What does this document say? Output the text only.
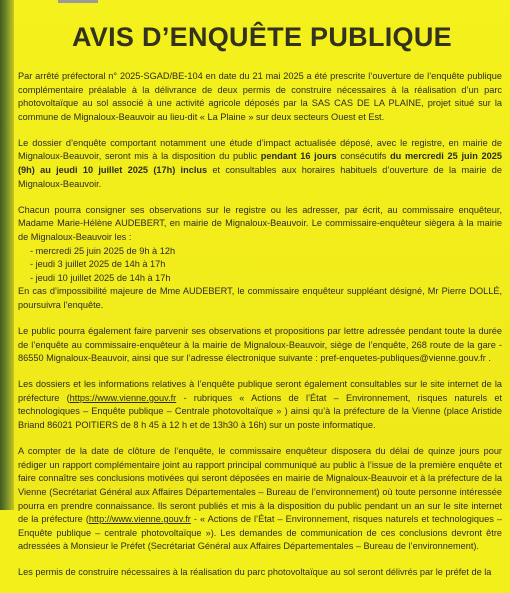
AVIS D’ENQUÊTE PUBLIQUE

Par arrêté préfectoral n° 2025-SGAD/BE-104 en date du 21 mai 2025 a été prescrite l’ouverture de l’enquête publique complémentaire préalable à la délivrance de deux permis de construire nécessaires à la réalisation d’un parc photovoltaïque au sol associé à une activité agricole déposés par la SAS CAS DE LA PLAINE, projet situé sur la commune de Mignaloux-Beauvoir au lieu-dit « La Plaine » sur deux secteurs Ouest et Est.

Le dossier d’enquête comportant notamment une étude d’impact actualisée déposé, avec le registre, en mairie de Mignaloux-Beauvoir, seront mis à la disposition du public pendant 16 jours consécutifs du mercredi 25 juin 2025 (9h) au jeudi 10 juillet 2025 (17h) inclus et consultables aux horaires habituels d’ouverture de la mairie de Mignaloux-Beauvoir.

Chacun pourra consigner ses observations sur le registre ou les adresser, par écrit, au commissaire enquêteur, Madame Marie-Hélène AUDEBERT, en mairie de Mignaloux-Beauvoir. Le commissaire-enquêteur siègera à la mairie de Mignaloux-Beauvoir les :

- mercredi 25 juin 2025 de 9h à 12h
- jeudi 3 juillet 2025 de 14h à 17h
- jeudi 10 juillet 2025 de 14h à 17h

En cas d’impossibilité majeure de Mme AUDEBERT, le commissaire enquêteur suppléant désigné, Mr Pierre DOLLÉ, poursuivra l’enquête.

Le public pourra également faire parvenir ses observations et propositions par lettre adressée pendant toute la durée de l’enquête au commissaire-enquêteur à la mairie de Mignaloux-Beauvoir, siège de l’enquête, 268 route de la gare - 86550 Mignaloux-Beauvoir, ainsi que sur l’adresse électronique suivante : pref-enquetes-publiques@vienne.gouv.fr .

Les dossiers et les informations relatives à l’enquête publique seront également consultables sur le site internet de la préfecture (https://www.vienne.gouv.fr - rubriques « Actions de l’État – Environnement, risques naturels et technologiques – Enquête publique – Centrale photovoltaïque » ) ainsi qu’à la préfecture de la Vienne (place Aristide Briand 86021 POITIERS de 8 h 45 à 12 h et de 13h30 à 16h) sur un poste informatique.

A compter de la date de clôture de l’enquête, le commissaire enquêteur disposera du délai de quinze jours pour rédiger un rapport complémentaire joint au rapport principal communiqué au public à l’issue de la première enquête et faire connaître ses conclusions motivées qui seront déposées en mairie de Mignaloux-Beauvoir et à la préfecture de la Vienne (Secrétariat Général aux Affaires Départementales – Bureau de l’environnement) où toute personne intéressée pourra en prendre connaissance. Ils seront publiés et mis à la disposition du public pendant un an sur le site internet de la préfecture (http://www.vienne.gouv.fr - « Actions de l’État – Environnement, risques naturels et technologiques – Enquête publique – centrale photovoltaïque »). Les demandes de communication de ces conclusions devront être adressées à Monsieur le Préfet (Secrétariat Général aux Affaires Départementales – Bureau de l’environnement).

Les permis de construire nécessaires à la réalisation du parc photovoltaïque au sol seront délivrés par le préfet de la
